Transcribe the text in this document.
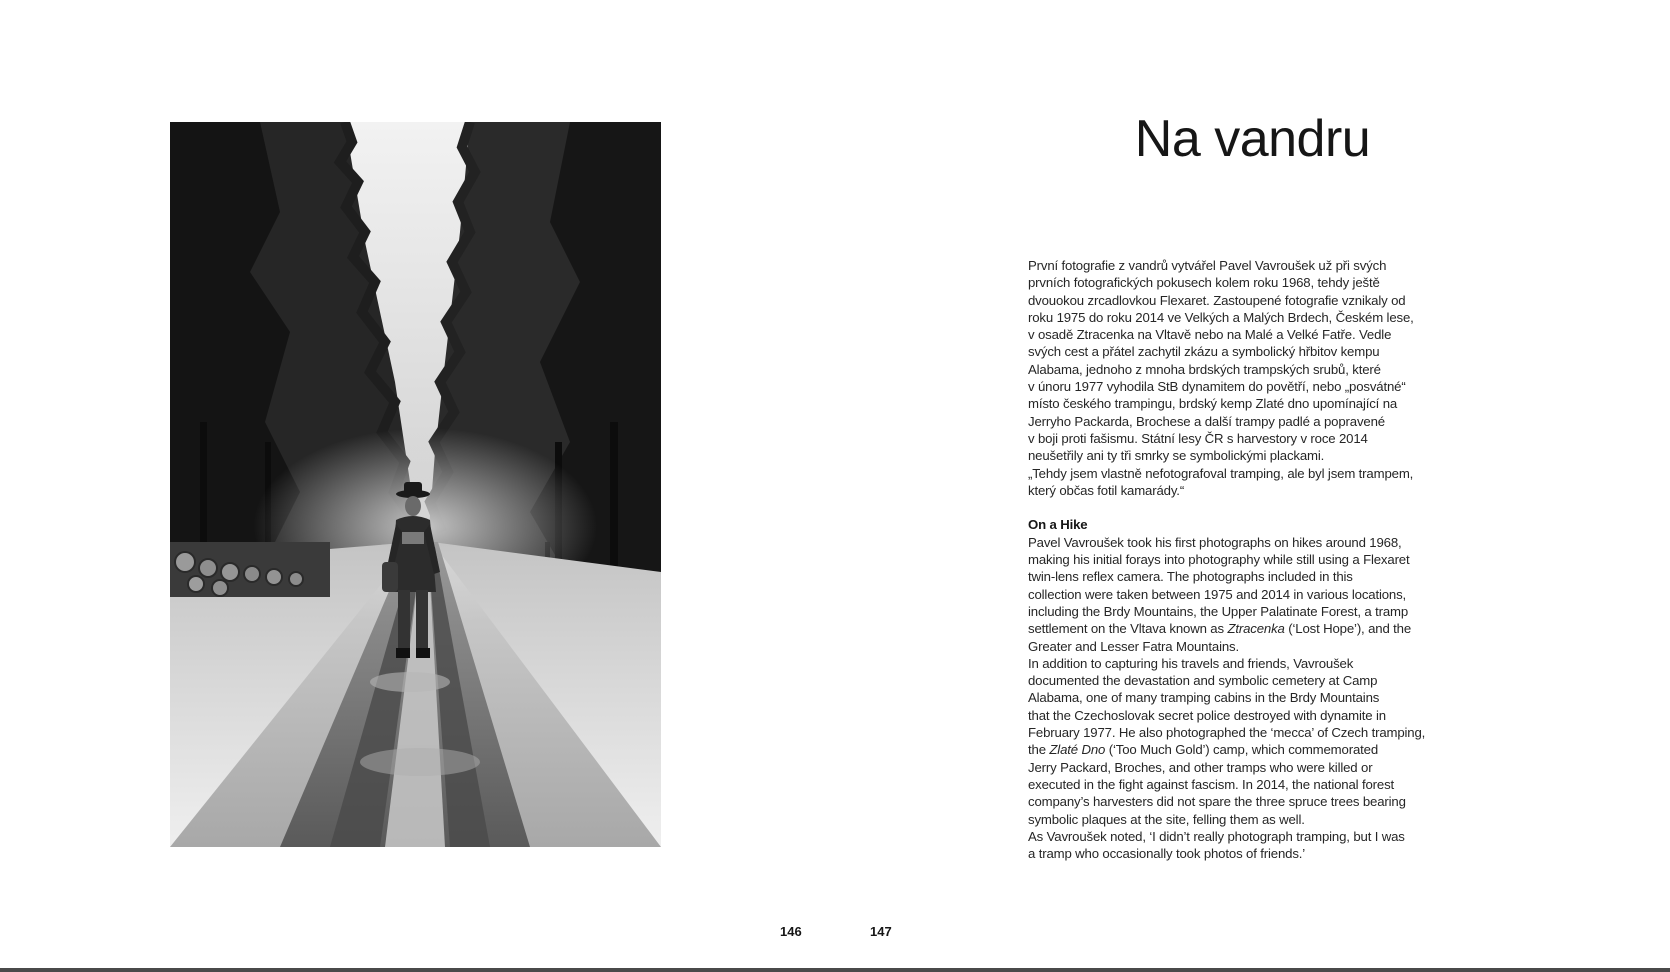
Na vandru

První fotografie z vandrů vytvářel Pavel Vavroušek už při svých

prvních fotografických pokusech kolem roku 1968, tehdy ještě

dvouokou zrcadlovkou Flexaret. Zastoupené fotografie vznikaly od

roku 1975 do roku 2014 ve Velkých a Malých Brdech, Českém lese,

v osadě Ztracenka na Vltavě nebo na Malé a Velké Fatře. Vedle

svých cest a přátel zachytil zkázu a symbolický hřbitov kempu

Alabama, jednoho z mnoha brdských trampských srubů, které

v únoru 1977 vyhodila StB dynamitem do povětří, nebo „posvátné“

místo českého trampingu, brdský kemp Zlaté dno upomínající na

Jerryho Packarda, Brochese a další trampy padlé a popravené

v boji proti fašismu. Státní lesy ČR s harvestory v roce 2014

neušetřily ani ty tři smrky se symbolickými plackami.

„Tehdy jsem vlastně nefotografoval tramping, ale byl jsem trampem,

který občas fotil kamarády.“

On a Hike

Pavel Vavroušek took his first photographs on hikes around 1968,

making his initial forays into photography while still using a Flexaret

twin-lens reflex camera. The photographs included in this

collection were taken between 1975 and 2014 in various locations,

including the Brdy Mountains, the Upper Palatinate Forest, a tramp

settlement on the Vltava known as Ztracenka (‘Lost Hope’), and the

Greater and Lesser Fatra Mountains.

In addition to capturing his travels and friends, Vavroušek

documented the devastation and symbolic cemetery at Camp

Alabama, one of many tramping cabins in the Brdy Mountains

that the Czechoslovak secret police destroyed with dynamite in

February 1977. He also photographed the ‘mecca’ of Czech tramping,

the Zlaté Dno (‘Too Much Gold’) camp, which commemorated

Jerry Packard, Broches, and other tramps who were killed or

executed in the fight against fascism. In 2014, the national forest

company’s harvesters did not spare the three spruce trees bearing

symbolic plaques at the site, felling them as well.

As Vavroušek noted, ‘I didn’t really photograph tramping, but I was

a tramp who occasionally took photos of friends.’

146	147
